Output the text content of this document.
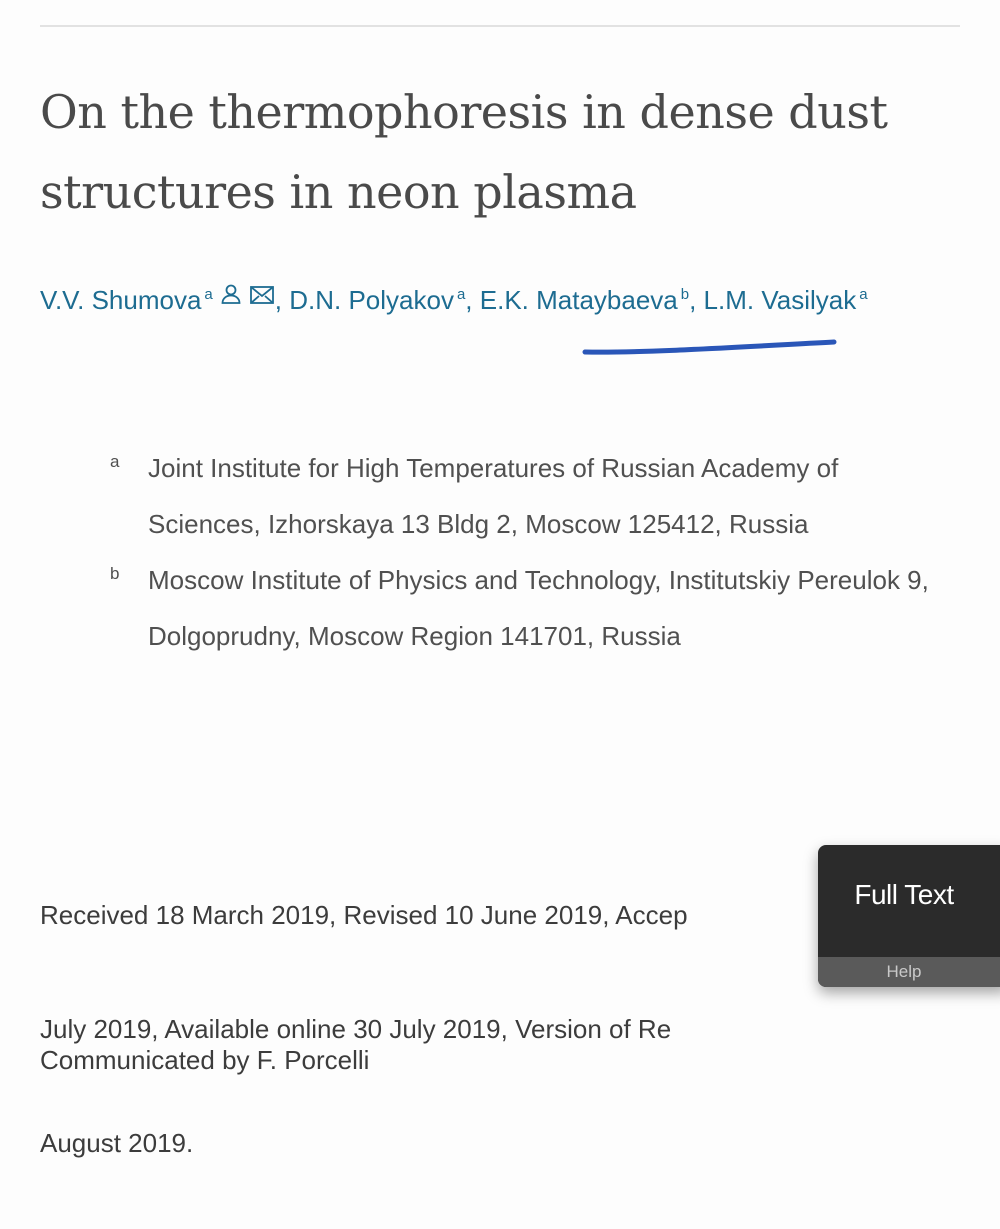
On the thermophoresis in dense dust structures in neon plasma
V.V. Shumova $^a$ , D.N. Polyakov $^a$, E.K. Mataybaeva $^b$, L.M. Vasilyak $^a$
a Joint Institute for High Temperatures of Russian Academy of Sciences, Izhorskaya 13 Bldg 2, Moscow 125412, Russia
b Moscow Institute of Physics and Technology, Institutskiy Pereulok 9, Dolgoprudny, Moscow Region 141701, Russia

Received 18 March 2019, Revised 10 June 2019, Accep

July 2019, Available online 30 July 2019, Version of Re

August 2019.

Communicated by F. Porcelli
Full Text
Help
